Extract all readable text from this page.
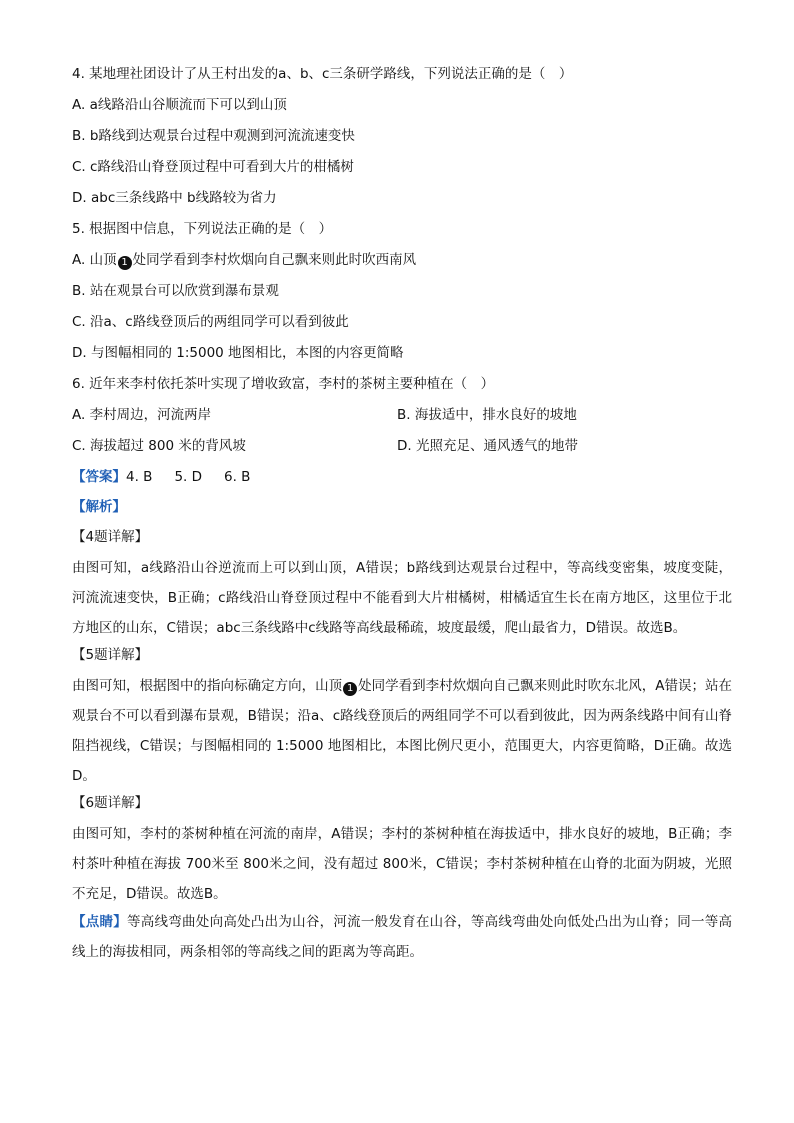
4. 某地理社团设计了从王村出发的a、b、c三条研学路线，下列说法正确的是（　）
A. a线路沿山谷顺流而下可以到山顶
B. b路线到达观景台过程中观测到河流流速变快
C. c路线沿山脊登顶过程中可看到大片的柑橘树
D. abc三条线路中 b线路较为省力
5. 根据图中信息，下列说法正确的是（　）
A. 山顶 1 处同学看到李村炊烟向自己飘来则此时吹西南风
B. 站在观景台可以欣赏到瀑布景观
C. 沿a、c路线登顶后的两组同学可以看到彼此
D. 与图幅相同的 1:5000 地图相比，本图的内容更简略
6. 近年来李村依托茶叶实现了增收致富，李村的茶树主要种植在（　）
A. 李村周边，河流两岸	B. 海拔适中，排水良好的坡地
C. 海拔超过 800 米的背风坡	D. 光照充足、通风透气的地带
【答案】4. B 5. D 6. B
【解析】
【4题详解】
由图可知，a线路沿山谷逆流而上可以到山顶，A错误；b路线到达观景台过程中，等高线变密集，坡度变陡，河流流速变快，B正确；c路线沿山脊登顶过程中不能看到大片柑橘树，柑橘适宜生长在南方地区，这里位于北方地区的山东，C错误；abc三条线路中c线路等高线最稀疏，坡度最缓，爬山最省力，D错误。故选B。
【5题详解】
由图可知，根据图中的指向标确定方向，山顶 1 处同学看到李村炊烟向自己飘来则此时吹东北风，A错误；站在观景台不可以看到瀑布景观，B错误；沿a、c路线登顶后的两组同学不可以看到彼此，因为两条线路中间有山脊阻挡视线，C错误；与图幅相同的 1:5000 地图相比，本图比例尺更小，范围更大，内容更简略，D正确。故选D。
【6题详解】
由图可知，李村的茶树种植在河流的南岸，A错误；李村的茶树种植在海拔适中，排水良好的坡地，B正确；李村茶叶种植在海拔 700米至 800米之间，没有超过 800米，C错误；李村茶树种植在山脊的北面为阴坡，光照不充足，D错误。故选B。
【点睛】等高线弯曲处向高处凸出为山谷，河流一般发育在山谷，等高线弯曲处向低处凸出为山脊；同一等高线上的海拔相同，两条相邻的等高线之间的距离为等高距。
